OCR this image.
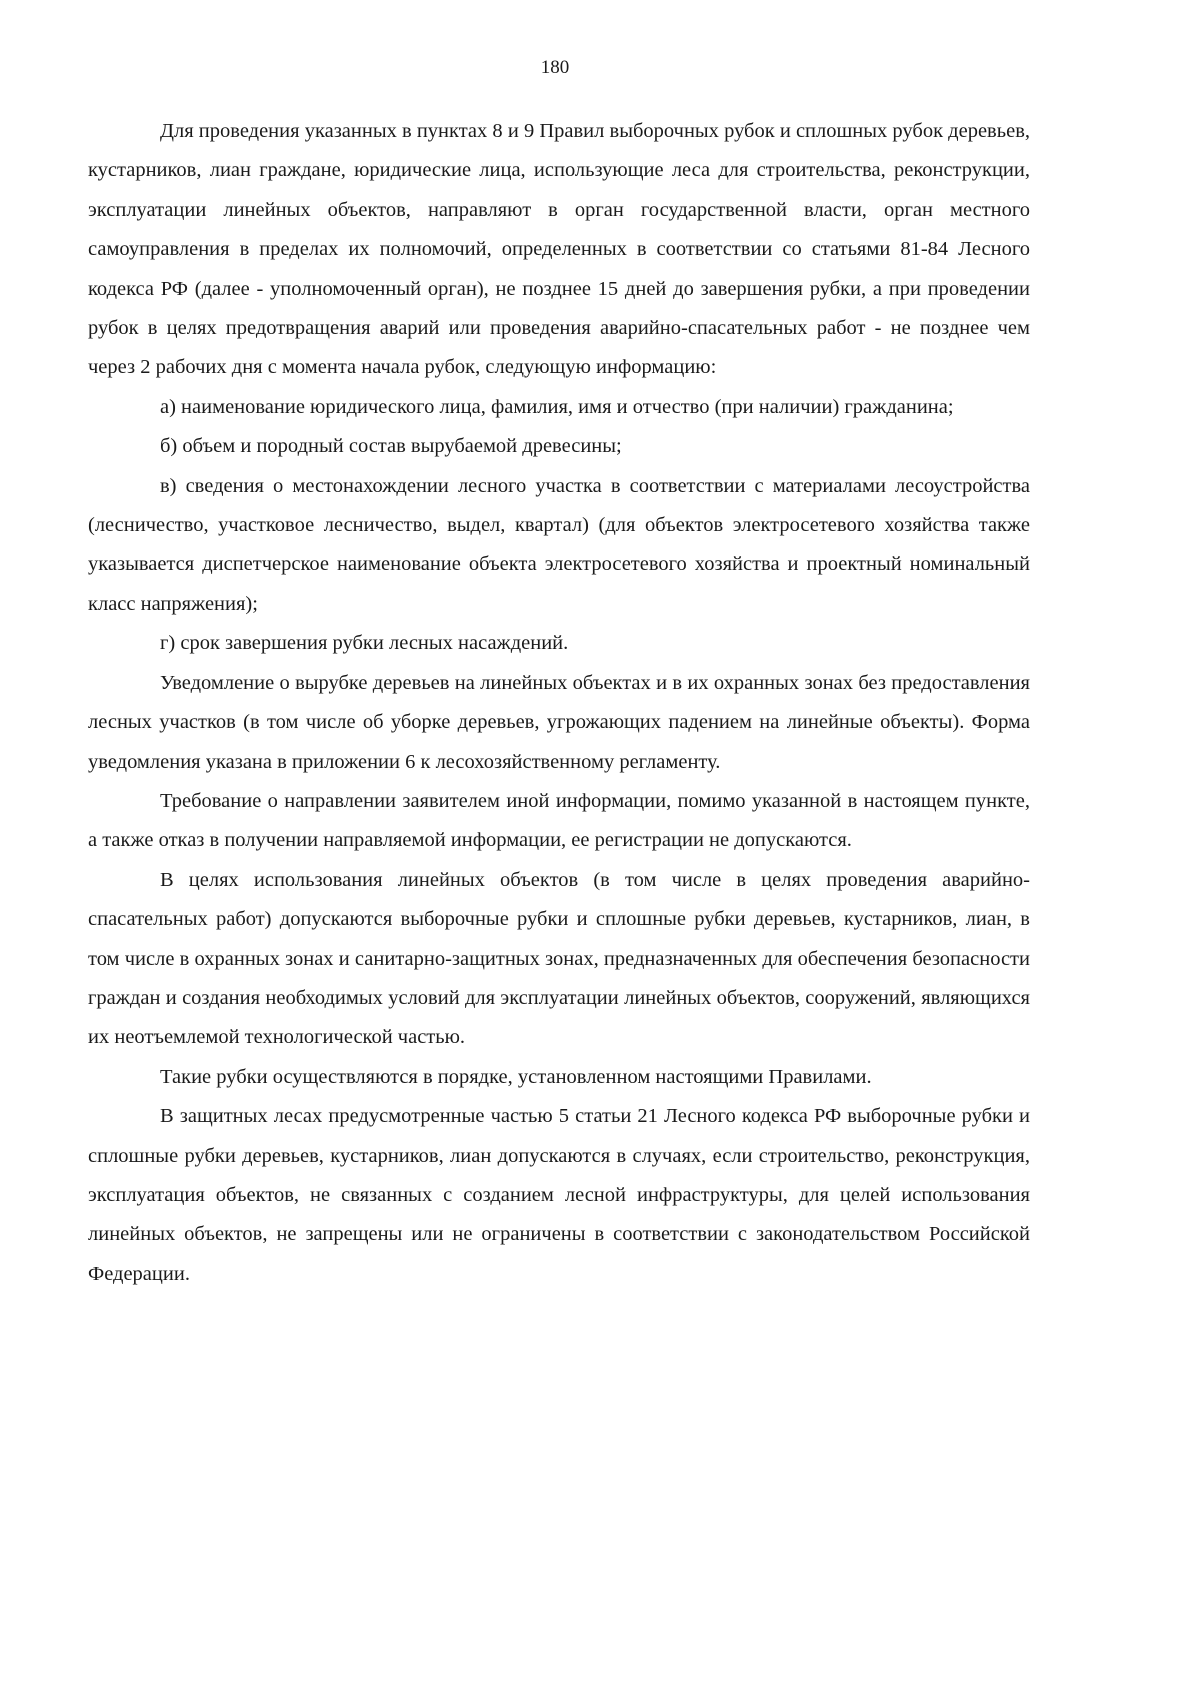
180

Для проведения указанных в пунктах 8 и 9 Правил выборочных рубок и сплошных рубок деревьев, кустарников, лиан граждане, юридические лица, использующие леса для строительства, реконструкции, эксплуатации линейных объектов, направляют в орган государственной власти, орган местного самоуправления в пределах их полномочий, определенных в соответствии со статьями 81-84 Лесного кодекса РФ (далее - уполномоченный орган), не позднее 15 дней до завершения рубки, а при проведении рубок в целях предотвращения аварий или проведения аварийно-спасательных работ - не позднее чем через 2 рабочих дня с момента начала рубок, следующую информацию:

а) наименование юридического лица, фамилия, имя и отчество (при наличии) гражданина;

б) объем и породный состав вырубаемой древесины;

в) сведения о местонахождении лесного участка в соответствии с материалами лесоустройства (лесничество, участковое лесничество, выдел, квартал) (для объектов электросетевого хозяйства также указывается диспетчерское наименование объекта электросетевого хозяйства и проектный номинальный класс напряжения);

г) срок завершения рубки лесных насаждений.

Уведомление о вырубке деревьев на линейных объектах и в их охранных зонах без предоставления лесных участков (в том числе об уборке деревьев, угрожающих падением на линейные объекты). Форма уведомления указана в приложении 6 к лесохозяйственному регламенту.

Требование о направлении заявителем иной информации, помимо указанной в настоящем пункте, а также отказ в получении направляемой информации, ее регистрации не допускаются.

В целях использования линейных объектов (в том числе в целях проведения аварийно-спасательных работ) допускаются выборочные рубки и сплошные рубки деревьев, кустарников, лиан, в том числе в охранных зонах и санитарно-защитных зонах, предназначенных для обеспечения безопасности граждан и создания необходимых условий для эксплуатации линейных объектов, сооружений, являющихся их неотъемлемой технологической частью.

Такие рубки осуществляются в порядке, установленном настоящими Правилами.

В защитных лесах предусмотренные частью 5 статьи 21 Лесного кодекса РФ выборочные рубки и сплошные рубки деревьев, кустарников, лиан допускаются в случаях, если строительство, реконструкция, эксплуатация объектов, не связанных с созданием лесной инфраструктуры, для целей использования линейных объектов, не запрещены или не ограничены в соответствии с законодательством Российской Федерации.
